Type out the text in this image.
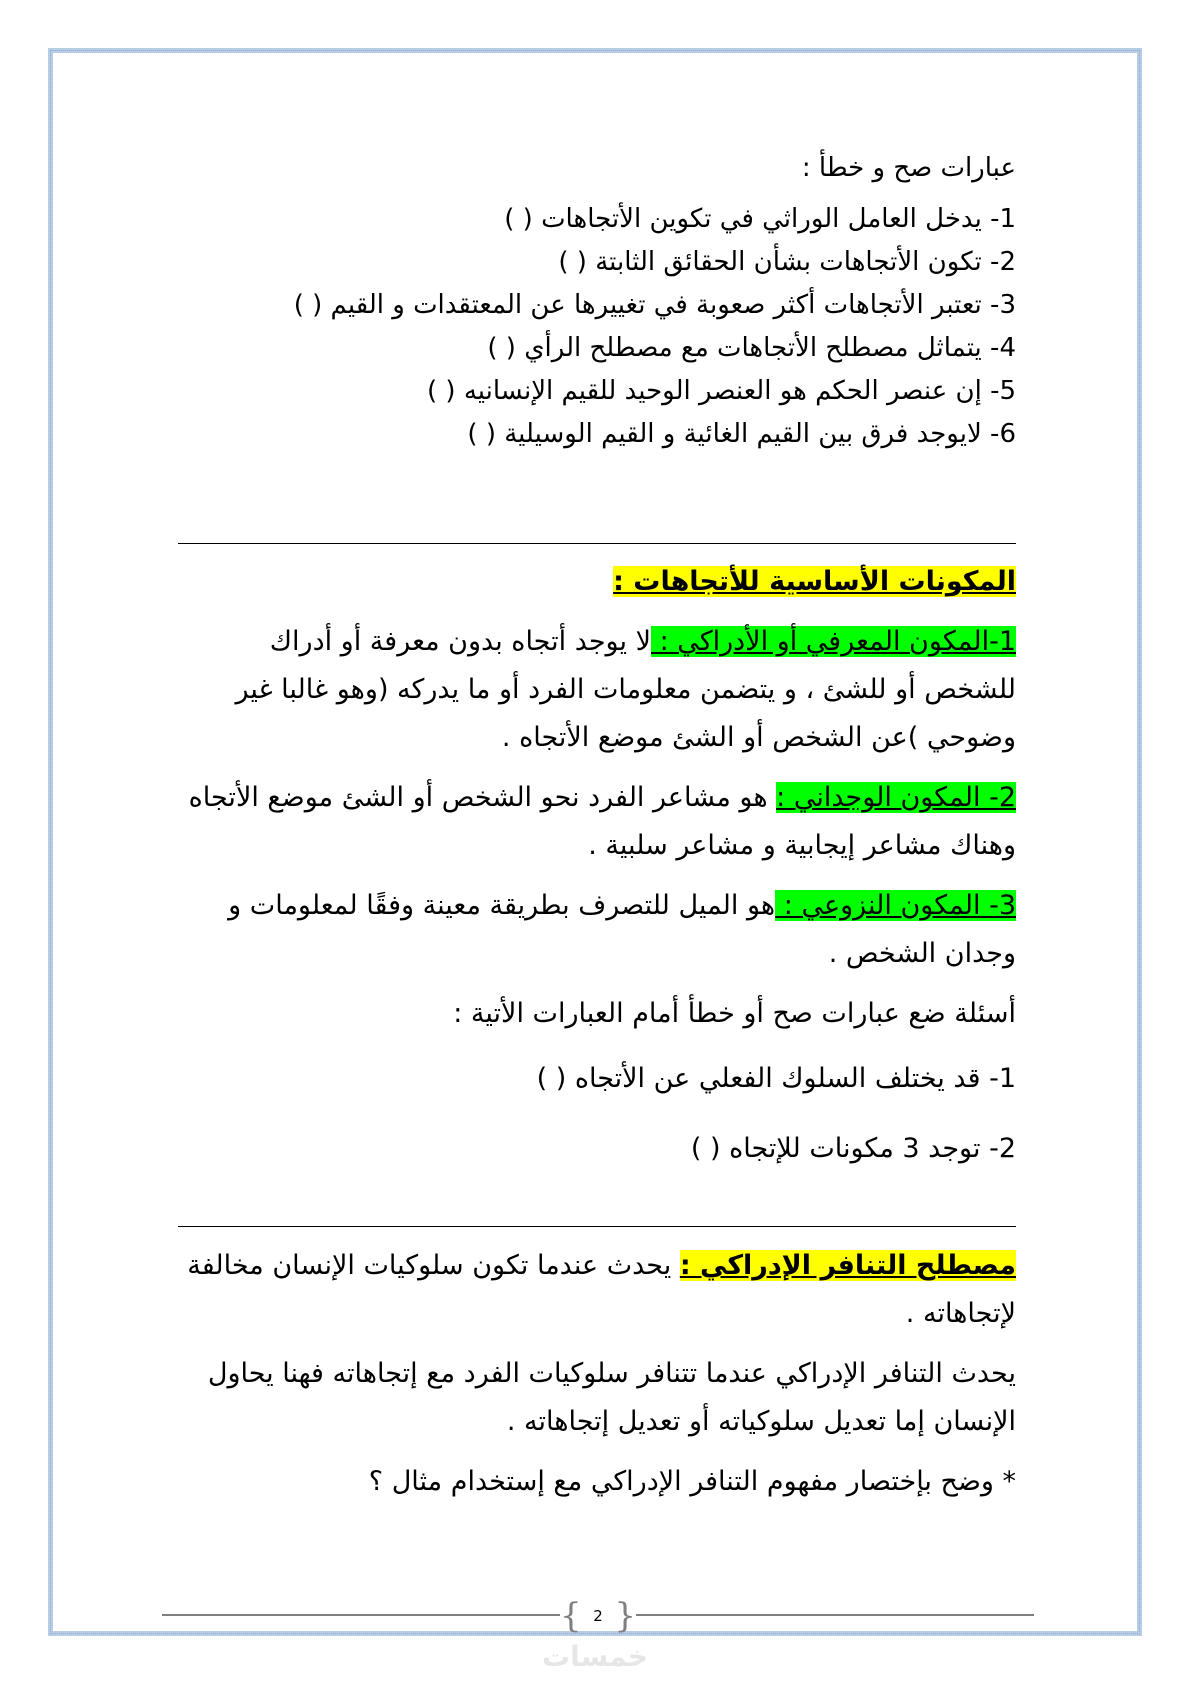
عبارات صح و خطأ :
1- يدخل العامل الوراثي في تكوين الأتجاهات ( )
2- تكون الأتجاهات بشأن الحقائق الثابتة ( )
3- تعتبر الأتجاهات أكثر صعوبة في تغييرها عن المعتقدات و القيم ( )
4- يتماثل مصطلح الأتجاهات مع مصطلح الرأي ( )
5- إن عنصر الحكم هو العنصر الوحيد للقيم الإنسانيه ( )
6- لايوجد فرق بين القيم الغائية و القيم الوسيلية ( )
المكونات الأساسية للأتجاهات :
1-المكون المعرفي أو الأدراكي : لا يوجد أتجاه بدون معرفة أو أدراك للشخص أو للشئ ، و يتضمن معلومات الفرد أو ما يدركه (وهو غالبا غير وضوحي )عن الشخص أو الشئ موضع الأتجاه .
2- المكون الوجداني : هو مشاعر الفرد نحو الشخص أو الشئ موضع الأتجاه وهناك مشاعر إيجابية و مشاعر سلبية .
3- المكون النزوعي : هو الميل للتصرف بطريقة معينة وفقًا لمعلومات و وجدان الشخص .
أسئلة ضع عبارات صح أو خطأ أمام العبارات الأتية :
1- قد يختلف السلوك الفعلي عن الأتجاه ( )
2- توجد 3 مكونات للإتجاه ( )
مصطلح التنافر الإدراكي : يحدث عندما تكون سلوكيات الإنسان مخالفة لإتجاهاته .
يحدث التنافر الإدراكي عندما تتنافر سلوكيات الفرد مع إتجاهاته فهنا يحاول الإنسان إما تعديل سلوكياته أو تعديل إتجاهاته .
* وضح بإختصار مفهوم التنافر الإدراكي مع إستخدام مثال ؟
{ 2 }
خمسات
